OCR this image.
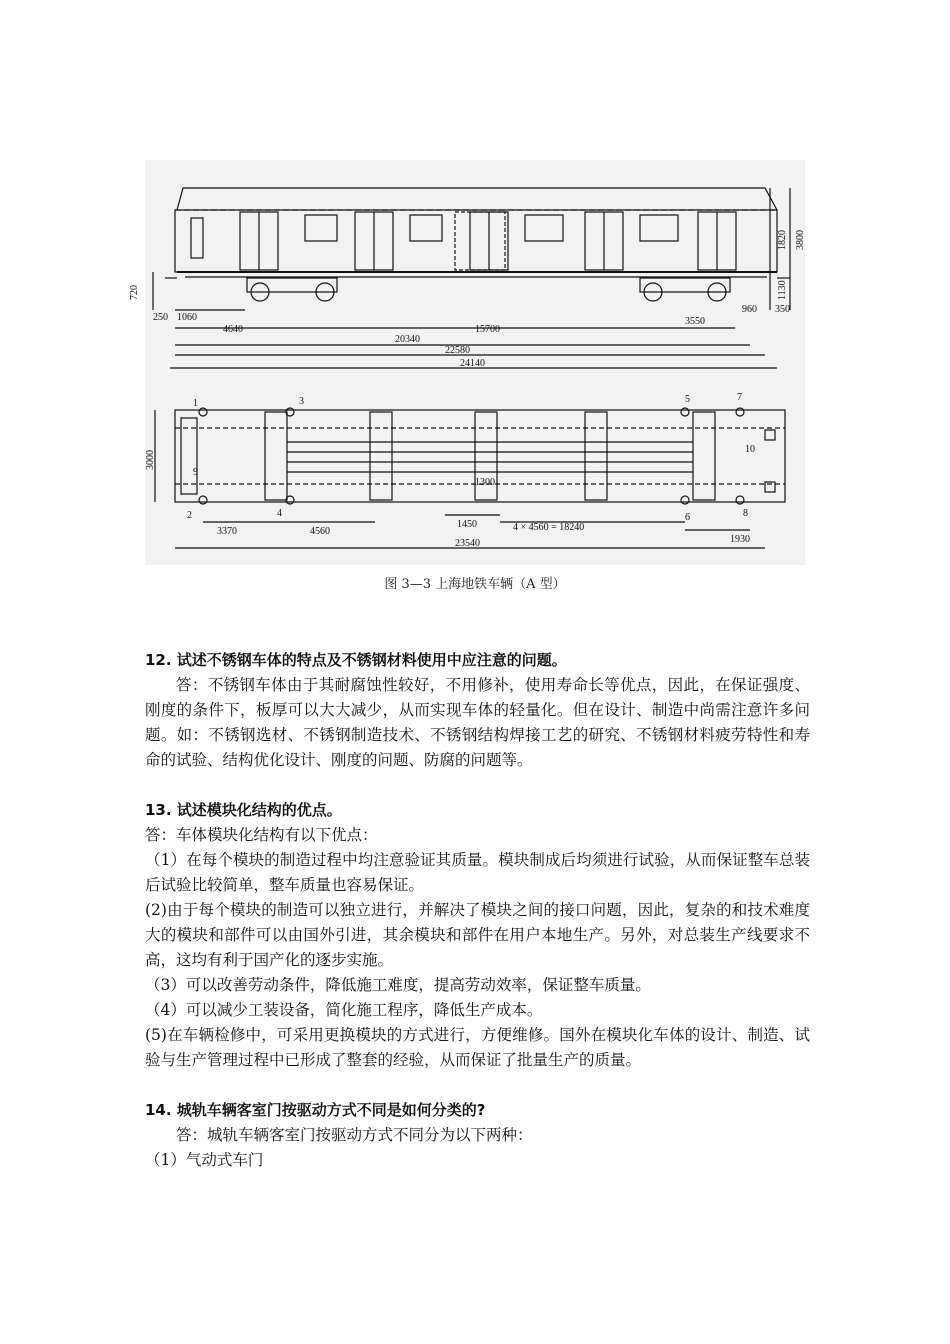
250 1060
4640	15700
3550
960 350
20340
22580
24140
720
1820 3800
1130
1
2
3
4
5
6
7
8
9
10
3000
3370	4560
1300
1450	4 × 4560 = 18240
1930
23540
图 3—3 上海地铁车辆（A 型）
12. 试述不锈钢车体的特点及不锈钢材料使用中应注意的问题。

答：不锈钢车体由于其耐腐蚀性较好，不用修补，使用寿命长等优点，因此，在保证强度、刚度的条件下，板厚可以大大减少，从而实现车体的轻量化。但在设计、制造中尚需注意许多问题。如：不锈钢选材、不锈钢制造技术、不锈钢结构焊接工艺的研究、不锈钢材料疲劳特性和寿命的试验、结构优化设计、刚度的问题、防腐的问题等。

13. 试述模块化结构的优点。

答：车体模块化结构有以下优点：

（1）在每个模块的制造过程中均注意验证其质量。模块制成后均须进行试验，从而保证整车总装后试验比较简单，整车质量也容易保证。

(2)由于每个模块的制造可以独立进行，并解决了模块之间的接口问题，因此，复杂的和技术难度大的模块和部件可以由国外引进，其余模块和部件在用户本地生产。另外，对总装生产线要求不高，这均有利于国产化的逐步实施。

（3）可以改善劳动条件，降低施工难度，提高劳动效率，保证整车质量。

（4）可以减少工装设备，简化施工程序，降低生产成本。

(5)在车辆检修中，可采用更换模块的方式进行，方便维修。国外在模块化车体的设计、制造、试验与生产管理过程中已形成了整套的经验，从而保证了批量生产的质量。

14. 城轨车辆客室门按驱动方式不同是如何分类的?

答：城轨车辆客室门按驱动方式不同分为以下两种：

（1）气动式车门
